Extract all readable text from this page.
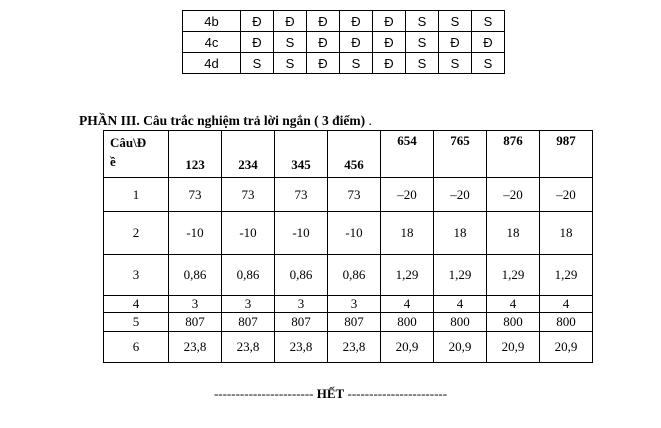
4b	Đ	Đ	Đ	Đ	Đ	S	S	S
4c	Đ	S	Đ	Đ	Đ	S	Đ	Đ
4d	S	S	Đ	S	Đ	S	S	S
PHẦN III. Câu trắc nghiệm trả lời ngắn ( 3 điểm) .
Câu\Đ
ề	123	234	345	456	654	765	876	987
1	73	73	73	73	–20	–20	–20	–20
2	-10	-10	-10	-10	18	18	18	18
3	0,86	0,86	0,86	0,86	1,29	1,29	1,29	1,29
4	3	3	3	3	4	4	4	4
5	807	807	807	807	800	800	800	800
6	23,8	23,8	23,8	23,8	20,9	20,9	20,9	20,9
----------------------- HẾT -----------------------
